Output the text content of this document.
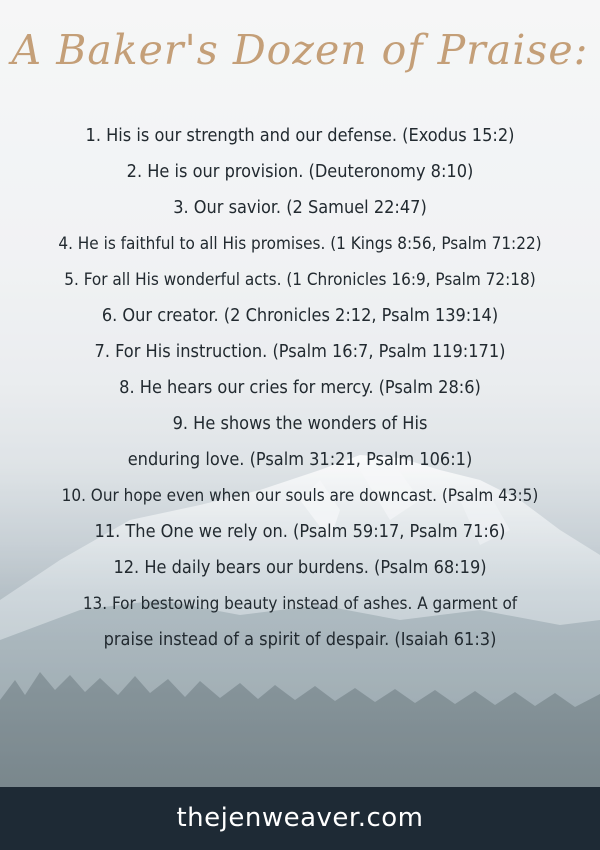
A Baker's Dozen of Praise:
1. His is our strength and our defense. (Exodus 15:2)
2. He is our provision. (Deuteronomy 8:10)
3. Our savior. (2 Samuel 22:47)
4. He is faithful to all His promises. (1 Kings 8:56, Psalm 71:22)
5. For all His wonderful acts. (1 Chronicles 16:9, Psalm 72:18)
6. Our creator. (2 Chronicles 2:12, Psalm 139:14)
7. For His instruction. (Psalm 16:7, Psalm 119:171)
8. He hears our cries for mercy. (Psalm 28:6)
9. He shows the wonders of His
enduring love. (Psalm 31:21, Psalm 106:1)
10. Our hope even when our souls are downcast. (Psalm 43:5)
11. The One we rely on. (Psalm 59:17, Psalm 71:6)
12. He daily bears our burdens. (Psalm 68:19)
13. For bestowing beauty instead of ashes. A garment of
praise instead of a spirit of despair. (Isaiah 61:3)
thejenweaver.com
